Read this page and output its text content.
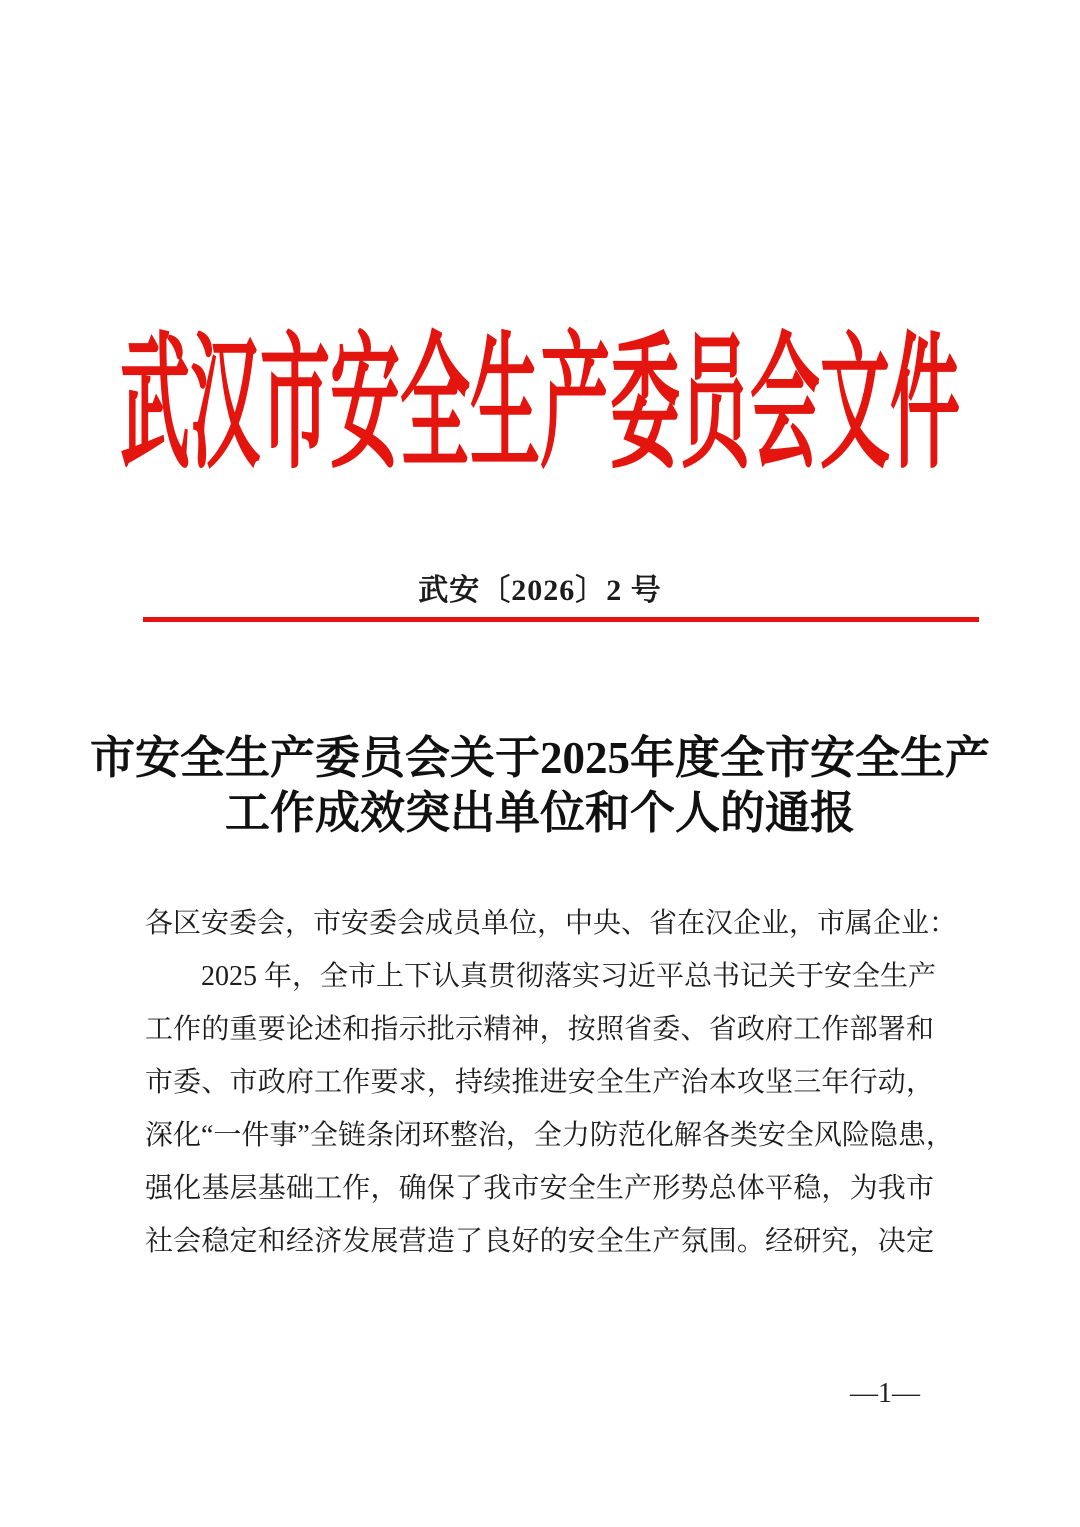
武汉市安全生产委员会文件
武安〔2026〕2 号
市安全生产委员会关于2025年度全市安全生产
工作成效突出单位和个人的通报
各区安委会，市安委会成员单位，中央、省在汉企业，市属企业：
2025 年，全市上下认真贯彻落实习近平总书记关于安全生产
工作的重要论述和指示批示精神，按照省委、省政府工作部署和
市委、市政府工作要求，持续推进安全生产治本攻坚三年行动，
深化“一件事”全链条闭环整治，全力防范化解各类安全风险隐患，
强化基层基础工作，确保了我市安全生产形势总体平稳，为我市
社会稳定和经济发展营造了良好的安全生产氛围。经研究，决定
—1—
